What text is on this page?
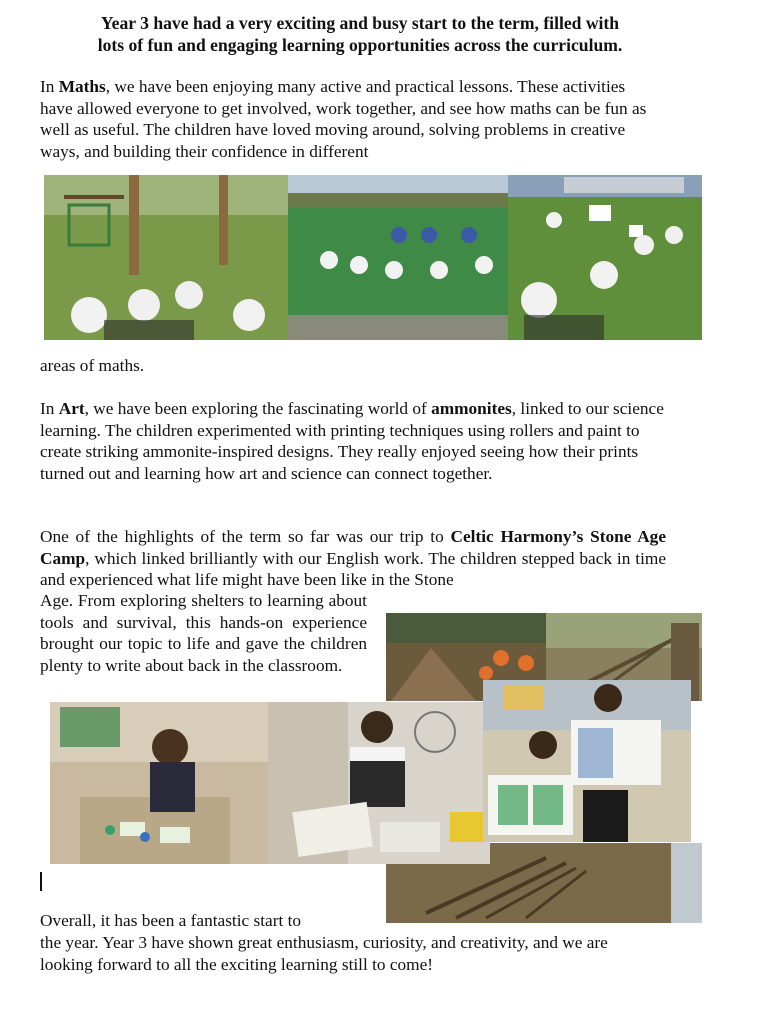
Year 3 have had a very exciting and busy start to the term, filled with
lots of fun and engaging learning opportunities across the curriculum.
In Maths, we have been enjoying many active and practical lessons. These activities have allowed everyone to get involved, work together, and see how maths can be fun as well as useful. The children have loved moving around, solving problems in creative ways, and building their confidence in different
areas of maths.
In Art, we have been exploring the fascinating world of ammonites, linked to our science learning. The children experimented with printing techniques using rollers and paint to create striking ammonite-inspired designs. They really enjoyed seeing how their prints turned out and learning how art and science can connect together.
One of the highlights of the term so far was our trip to Celtic Harmony’s Stone Age Camp, which linked brilliantly with our English work. The children stepped back in time and experienced what life might have been like in the Stone
Age. From exploring shelters to learning about tools and survival, this hands-on experience brought our topic to life and gave the children plenty to write about back in the classroom.
Overall, it has been a fantastic start to
the year. Year 3 have shown great enthusiasm, curiosity, and creativity, and we are looking forward to all the exciting learning still to come!
